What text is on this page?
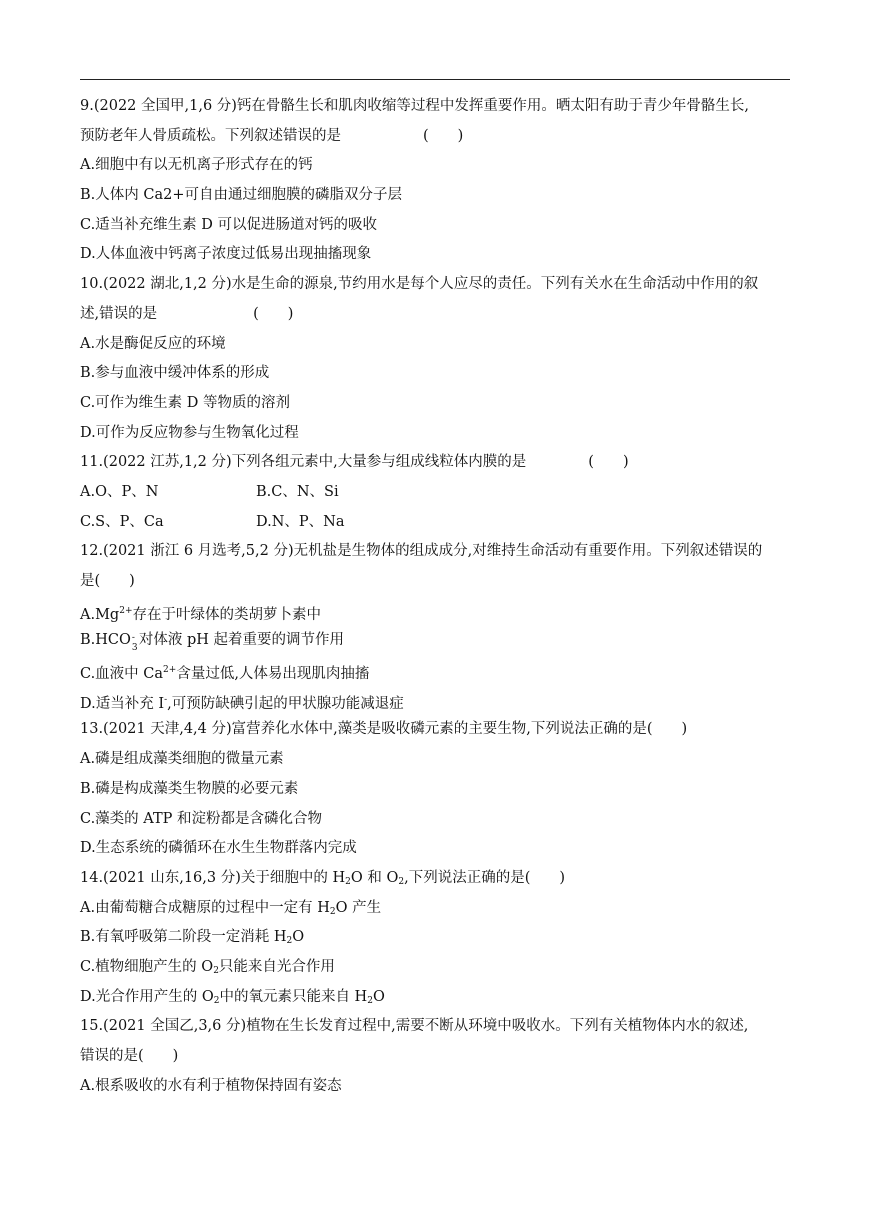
9.(2022 全国甲,1,6 分)钙在骨骼生长和肌肉收缩等过程中发挥重要作用。晒太阳有助于青少年骨骼生长,
预防老年人骨质疏松。下列叙述错误的是	(　　)
A.细胞中有以无机离子形式存在的钙
B.人体内 Ca2+可自由通过细胞膜的磷脂双分子层
C.适当补充维生素 D 可以促进肠道对钙的吸收
D.人体血液中钙离子浓度过低易出现抽搐现象
10.(2022 湖北,1,2 分)水是生命的源泉,节约用水是每个人应尽的责任。下列有关水在生命活动中作用的叙
述,错误的是	(　　)
A.水是酶促反应的环境
B.参与血液中缓冲体系的形成
C.可作为维生素 D 等物质的溶剂
D.可作为反应物参与生物氧化过程
11.(2022 江苏,1,2 分)下列各组元素中,大量参与组成线粒体内膜的是	(　　)
A.O、P、N	B.C、N、Si
C.S、P、Ca	D.N、P、Na
12.(2021 浙江 6 月选考,5,2 分)无机盐是生物体的组成成分,对维持生命活动有重要作用。下列叙述错误的
是(　　)
$A.Mg^{2+}$存在于叶绿体的类胡萝卜素中
B.HCO -
3 对体液 pH 起着重要的调节作用
C.血液中 $Ca^{2+}$含量过低,人体易出现肌肉抽搐
D.适当补充 I-,可预防缺碘引起的甲状腺功能减退症
13.(2021 天津,4,4 分)富营养化水体中,藻类是吸收磷元素的主要生物,下列说法正确的是(　　)
A.磷是组成藻类细胞的微量元素
B.磷是构成藻类生物膜的必要元素
C.藻类的 ATP 和淀粉都是含磷化合物
D.生态系统的磷循环在水生生物群落内完成
14.(2021 山东,16,3 分)关于细胞中的 $H_2O$ 和 $O_2$,下列说法正确的是(　　)
A.由葡萄糖合成糖原的过程中一定有 $H_2O$ 产生
B.有氧呼吸第二阶段一定消耗 $H_2O$
C.植物细胞产生的 $O_2$只能来自光合作用
D.光合作用产生的 $O_2$中的氧元素只能来自 $H_2O$
15.(2021 全国乙,3,6 分)植物在生长发育过程中,需要不断从环境中吸收水。下列有关植物体内水的叙述,
错误的是(　　)
A.根系吸收的水有利于植物保持固有姿态
